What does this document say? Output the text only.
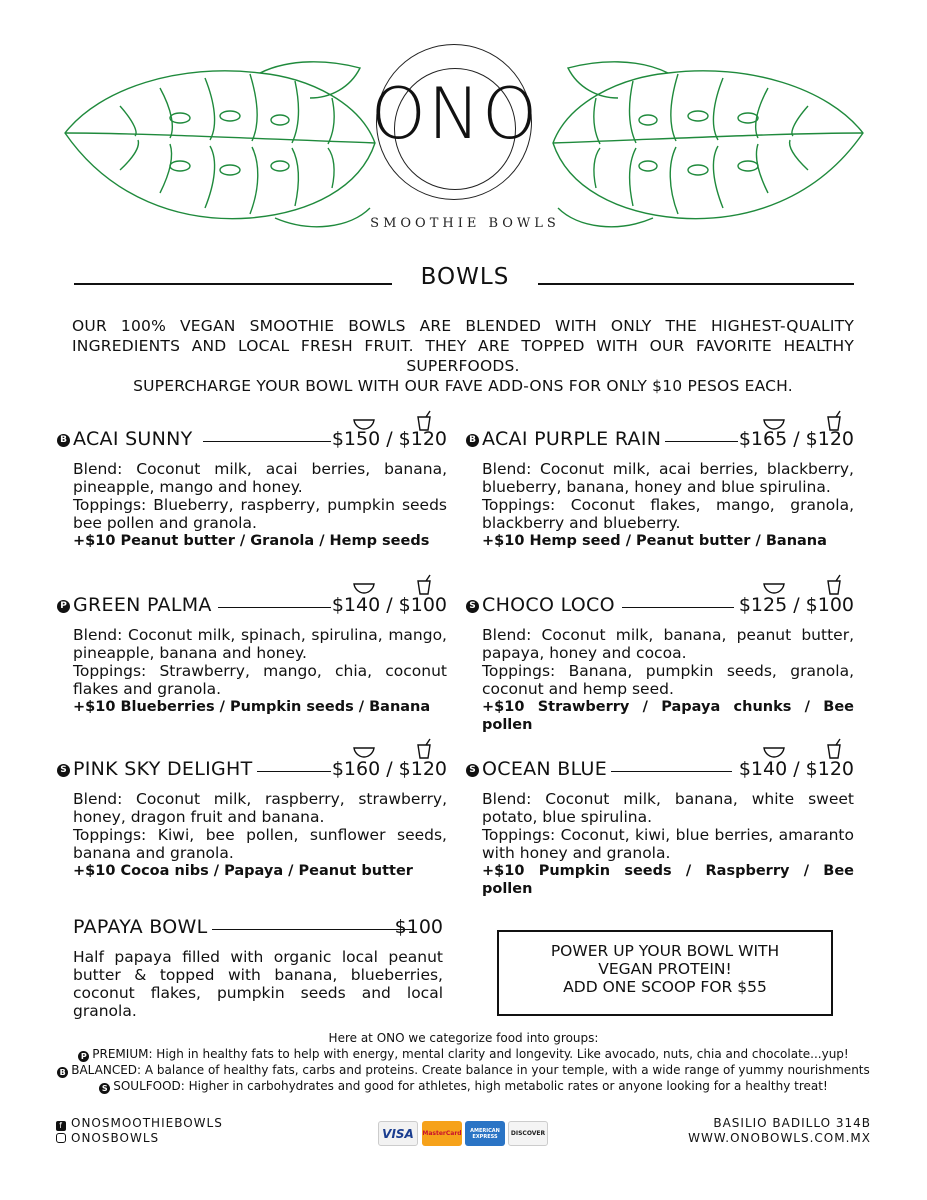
ONO
SMOOTHIE BOWLS
BOWLS
OUR 100% VEGAN SMOOTHIE BOWLS ARE BLENDED WITH ONLY THE HIGHEST-QUALITY INGREDIENTS AND LOCAL FRESH FRUIT. THEY ARE TOPPED WITH OUR FAVORITE HEALTHY SUPERFOODS.
SUPERCHARGE YOUR BOWL WITH OUR FAVE ADD-ONS FOR ONLY $10 PESOS EACH.
B ACAI SUNNY	$150 / $120

Blend: Coconut milk, acai berries, banana, pineapple, mango and honey.

Toppings: Blueberry, raspberry, pumpkin seeds bee pollen and granola.

+$10 Peanut butter / Granola / Hemp seeds

B ACAI PURPLE RAIN	$165 / $120

Blend: Coconut milk, acai berries, blackberry, blueberry, banana, honey and blue spirulina.

Toppings: Coconut flakes, mango, granola, blackberry and blueberry.

+$10 Hemp seed / Peanut butter / Banana

P GREEN PALMA	$140 / $100

Blend: Coconut milk, spinach, spirulina, mango, pineapple, banana and honey.

Toppings: Strawberry, mango, chia, coconut flakes and granola.

+$10 Blueberries / Pumpkin seeds / Banana

S CHOCO LOCO	$125 / $100

Blend: Coconut milk, banana, peanut butter, papaya, honey and cocoa.

Toppings: Banana, pumpkin seeds, granola, coconut and hemp seed.

+$10 Strawberry / Papaya chunks / Bee pollen

S PINK SKY DELIGHT	$160 / $120

Blend: Coconut milk, raspberry, strawberry, honey, dragon fruit and banana.

Toppings: Kiwi, bee pollen, sunflower seeds, banana and granola.

+$10 Cocoa nibs / Papaya / Peanut butter

S OCEAN BLUE	$140 / $120

Blend: Coconut milk, banana, white sweet potato, blue spirulina.

Toppings: Coconut, kiwi, blue berries, amaranto with honey and granola.

+$10 Pumpkin seeds / Raspberry / Bee pollen

PAPAYA BOWL	$100

Half papaya filled with organic local peanut butter & topped with banana, blueberries, coconut flakes, pumpkin seeds and local granola.

POWER UP YOUR BOWL WITH
VEGAN PROTEIN!
ADD ONE SCOOP FOR $55
Here at ONO we categorize food into groups:
P PREMIUM: High in healthy fats to help with energy, mental clarity and longevity. Like avocado, nuts, chia and chocolate...yup!
B BALANCED: A balance of healthy fats, carbs and proteins. Create balance in your temple, with a wide range of yummy nourishments
S SOULFOOD: Higher in carbohydrates and good for athletes, high metabolic rates or anyone looking for a healthy treat!
f ONOSMOOTHIEBOWLS
ONOSBOWLS	VISA	MasterCard	AMERICAN EXPRESS	DISCOVER
BASILIO BADILLO 314B
WWW.ONOBOWLS.COM.MX
